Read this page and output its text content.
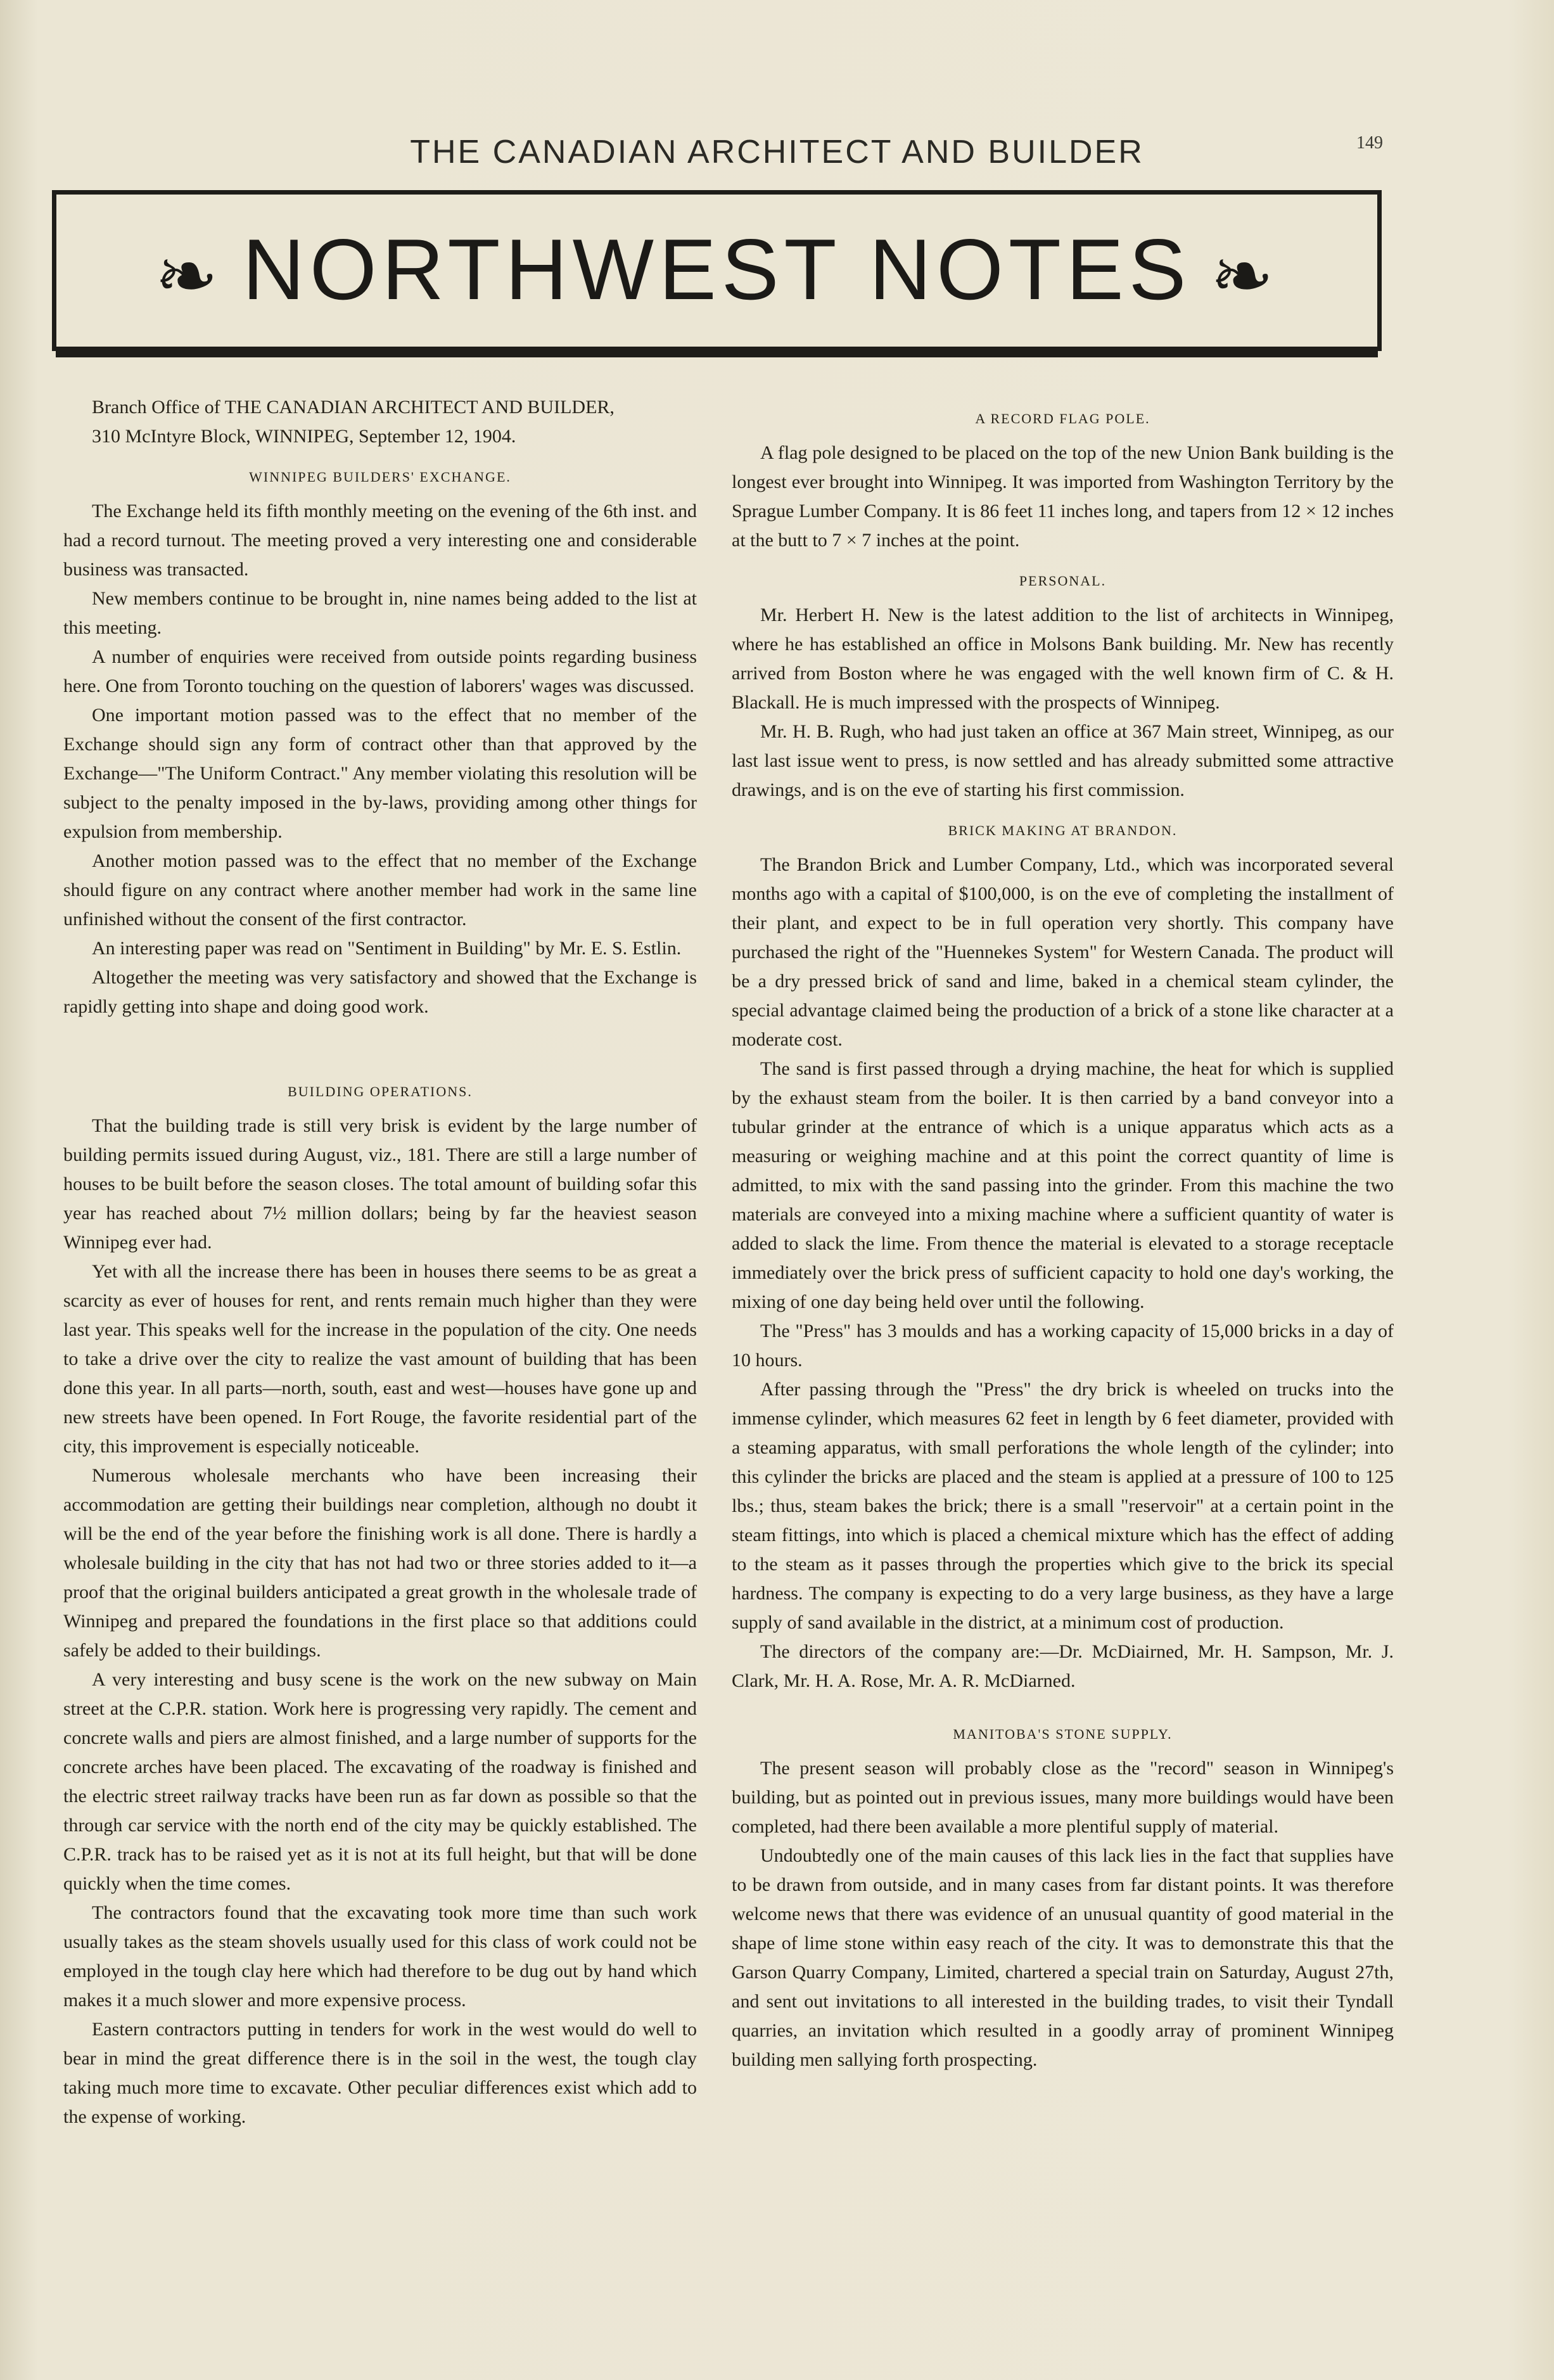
THE CANADIAN ARCHITECT AND BUILDER	149
❧ NORTHWEST NOTES ❧

Branch Office of THE CANADIAN ARCHITECT AND BUILDER,

310 McIntyre Block, WINNIPEG, September 12, 1904.

WINNIPEG BUILDERS' EXCHANGE.

The Exchange held its fifth monthly meeting on the evening of the 6th inst. and had a record turnout. The meeting proved a very interesting one and considerable business was transacted.

New members continue to be brought in, nine names being added to the list at this meeting.

A number of enquiries were received from outside points regarding business here. One from Toronto touching on the question of laborers' wages was discussed.

One important motion passed was to the effect that no member of the Exchange should sign any form of contract other than that approved by the Exchange—"The Uniform Contract." Any member violating this resolution will be subject to the penalty imposed in the by-laws, providing among other things for expulsion from membership.

Another motion passed was to the effect that no member of the Exchange should figure on any contract where another member had work in the same line unfinished without the consent of the first contractor.

An interesting paper was read on "Sentiment in Building" by Mr. E. S. Estlin.

Altogether the meeting was very satisfactory and showed that the Exchange is rapidly getting into shape and doing good work.

BUILDING OPERATIONS.

That the building trade is still very brisk is evident by the large number of building permits issued during August, viz., 181. There are still a large number of houses to be built before the season closes. The total amount of building sofar this year has reached about 7½ million dollars; being by far the heaviest season Winnipeg ever had.

Yet with all the increase there has been in houses there seems to be as great a scarcity as ever of houses for rent, and rents remain much higher than they were last year. This speaks well for the increase in the population of the city. One needs to take a drive over the city to realize the vast amount of building that has been done this year. In all parts—north, south, east and west—houses have gone up and new streets have been opened. In Fort Rouge, the favorite residential part of the city, this improvement is especially noticeable.

Numerous wholesale merchants who have been increasing their accommodation are getting their buildings near completion, although no doubt it will be the end of the year before the finishing work is all done. There is hardly a wholesale building in the city that has not had two or three stories added to it—a proof that the original builders anticipated a great growth in the wholesale trade of Winnipeg and prepared the foundations in the first place so that additions could safely be added to their buildings.

A very interesting and busy scene is the work on the new subway on Main street at the C.P.R. station. Work here is progressing very rapidly. The cement and concrete walls and piers are almost finished, and a large number of supports for the concrete arches have been placed. The excavating of the roadway is finished and the electric street railway tracks have been run as far down as possible so that the through car service with the north end of the city may be quickly established. The C.P.R. track has to be raised yet as it is not at its full height, but that will be done quickly when the time comes.

The contractors found that the excavating took more time than such work usually takes as the steam shovels usually used for this class of work could not be employed in the tough clay here which had therefore to be dug out by hand which makes it a much slower and more expensive process.

Eastern contractors putting in tenders for work in the west would do well to bear in mind the great difference there is in the soil in the west, the tough clay taking much more time to excavate. Other peculiar differences exist which add to the expense of working.

A RECORD FLAG POLE.

A flag pole designed to be placed on the top of the new Union Bank building is the longest ever brought into Winnipeg. It was imported from Washington Territory by the Sprague Lumber Company. It is 86 feet 11 inches long, and tapers from 12 × 12 inches at the butt to 7 × 7 inches at the point.

PERSONAL.

Mr. Herbert H. New is the latest addition to the list of architects in Winnipeg, where he has established an office in Molsons Bank building. Mr. New has recently arrived from Boston where he was engaged with the well known firm of C. & H. Blackall. He is much impressed with the prospects of Winnipeg.

Mr. H. B. Rugh, who had just taken an office at 367 Main street, Winnipeg, as our last last issue went to press, is now settled and has already submitted some attractive drawings, and is on the eve of starting his first commission.

BRICK MAKING AT BRANDON.

The Brandon Brick and Lumber Company, Ltd., which was incorporated several months ago with a capital of $100,000, is on the eve of completing the installment of their plant, and expect to be in full operation very shortly. This company have purchased the right of the "Huennekes System" for Western Canada. The product will be a dry pressed brick of sand and lime, baked in a chemical steam cylinder, the special advantage claimed being the production of a brick of a stone like character at a moderate cost.

The sand is first passed through a drying machine, the heat for which is supplied by the exhaust steam from the boiler. It is then carried by a band conveyor into a tubular grinder at the entrance of which is a unique apparatus which acts as a measuring or weighing machine and at this point the correct quantity of lime is admitted, to mix with the sand passing into the grinder. From this machine the two materials are conveyed into a mixing machine where a sufficient quantity of water is added to slack the lime. From thence the material is elevated to a storage receptacle immediately over the brick press of sufficient capacity to hold one day's working, the mixing of one day being held over until the following.

The "Press" has 3 moulds and has a working capacity of 15,000 bricks in a day of 10 hours.

After passing through the "Press" the dry brick is wheeled on trucks into the immense cylinder, which measures 62 feet in length by 6 feet diameter, provided with a steaming apparatus, with small perforations the whole length of the cylinder; into this cylinder the bricks are placed and the steam is applied at a pressure of 100 to 125 lbs.; thus, steam bakes the brick; there is a small "reservoir" at a certain point in the steam fittings, into which is placed a chemical mixture which has the effect of adding to the steam as it passes through the properties which give to the brick its special hardness. The company is expecting to do a very large business, as they have a large supply of sand available in the district, at a minimum cost of production.

The directors of the company are:—Dr. McDiairned, Mr. H. Sampson, Mr. J. Clark, Mr. H. A. Rose, Mr. A. R. McDiarned.

MANITOBA'S STONE SUPPLY.

The present season will probably close as the "record" season in Winnipeg's building, but as pointed out in previous issues, many more buildings would have been completed, had there been available a more plentiful supply of material.

Undoubtedly one of the main causes of this lack lies in the fact that supplies have to be drawn from outside, and in many cases from far distant points. It was therefore welcome news that there was evidence of an unusual quantity of good material in the shape of lime stone within easy reach of the city. It was to demonstrate this that the Garson Quarry Company, Limited, chartered a special train on Saturday, August 27th, and sent out invitations to all interested in the building trades, to visit their Tyndall quarries, an invitation which resulted in a goodly array of prominent Winnipeg building men sallying forth prospecting.
